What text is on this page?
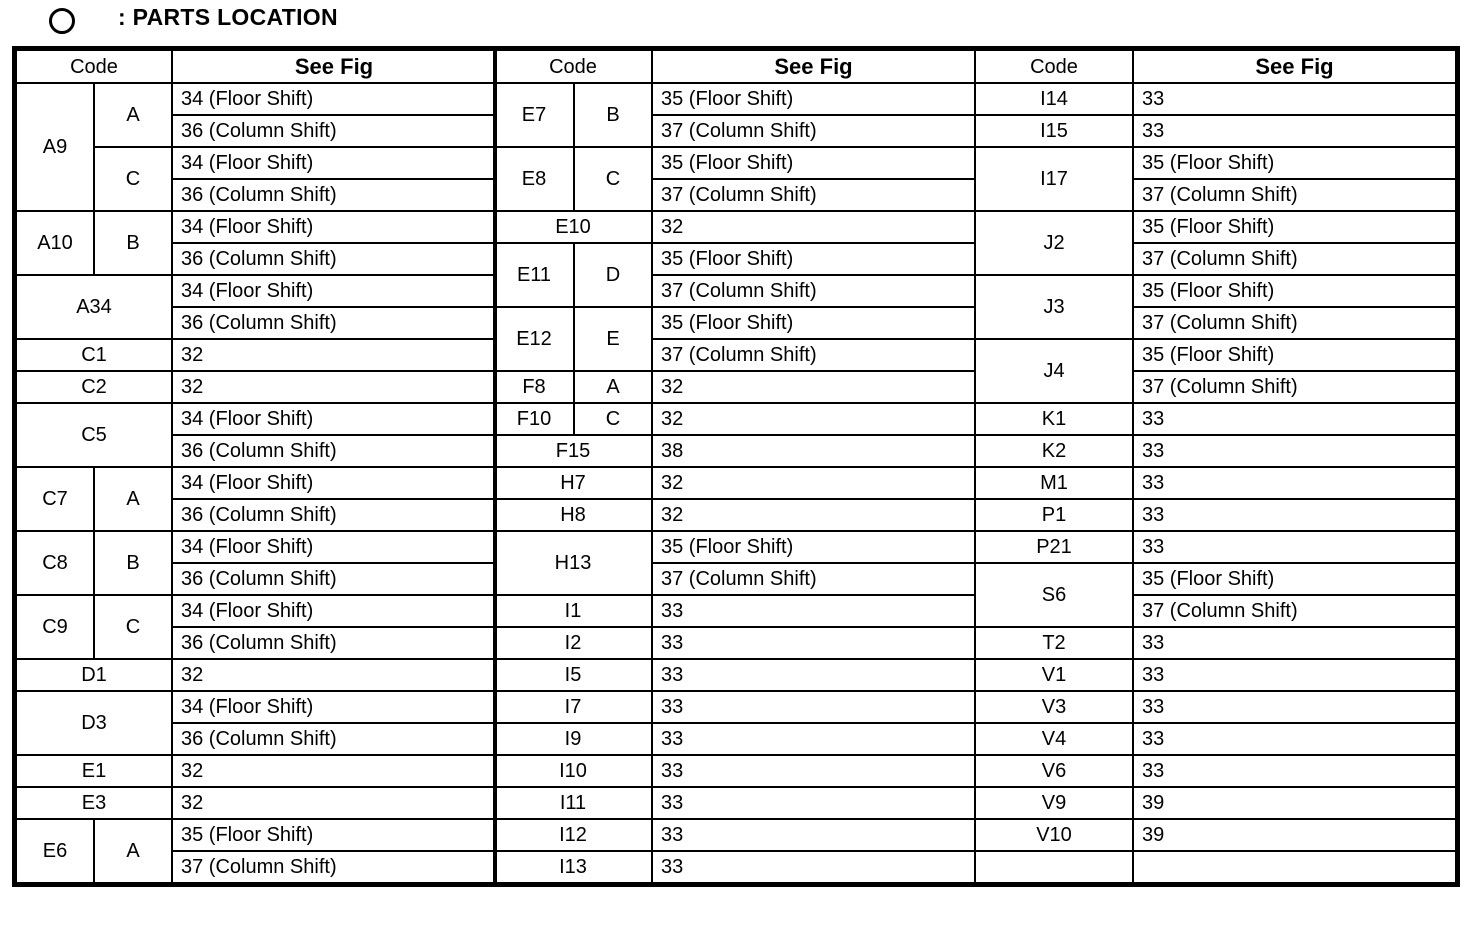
: PARTS LOCATION
Code		See Fig
A9	A	34 (Floor Shift)
		36 (Column Shift)
	C	34 (Floor Shift)
		36 (Column Shift)
A10	B	34 (Floor Shift)
		36 (Column Shift)
A34		34 (Floor Shift)
		36 (Column Shift)
C1		32
C2		32
C5		34 (Floor Shift)
		36 (Column Shift)
C7	A	34 (Floor Shift)
		36 (Column Shift)
C8	B	34 (Floor Shift)
		36 (Column Shift)
C9	C	34 (Floor Shift)
		36 (Column Shift)
D1		32
D3		34 (Floor Shift)
		36 (Column Shift)
E1		32
E3		32
E6	A	35 (Floor Shift)
		37 (Column Shift)
Code		See Fig
E7	B	35 (Floor Shift)
		37 (Column Shift)
E8	C	35 (Floor Shift)
		37 (Column Shift)
E10		32
E11	D	35 (Floor Shift)
		37 (Column Shift)
E12	E	35 (Floor Shift)
		37 (Column Shift)
F8	A	32
F10	C	32
F15		38
H7		32
H8		32
H13		35 (Floor Shift)
		37 (Column Shift)
I1		33
I2		33
I5		33
I7		33
I9		33
I10		33
I11		33
I12		33
I13		33
Code	See Fig
I14	33
I15	33
I17	35 (Floor Shift)
	37 (Column Shift)
J2	35 (Floor Shift)
	37 (Column Shift)
J3	35 (Floor Shift)
	37 (Column Shift)
J4	35 (Floor Shift)
	37 (Column Shift)
K1	33
K2	33
M1	33
P1	33
P21	33
S6	35 (Floor Shift)
	37 (Column Shift)
T2	33
V1	33
V3	33
V4	33
V6	33
V9	39
V10	39
